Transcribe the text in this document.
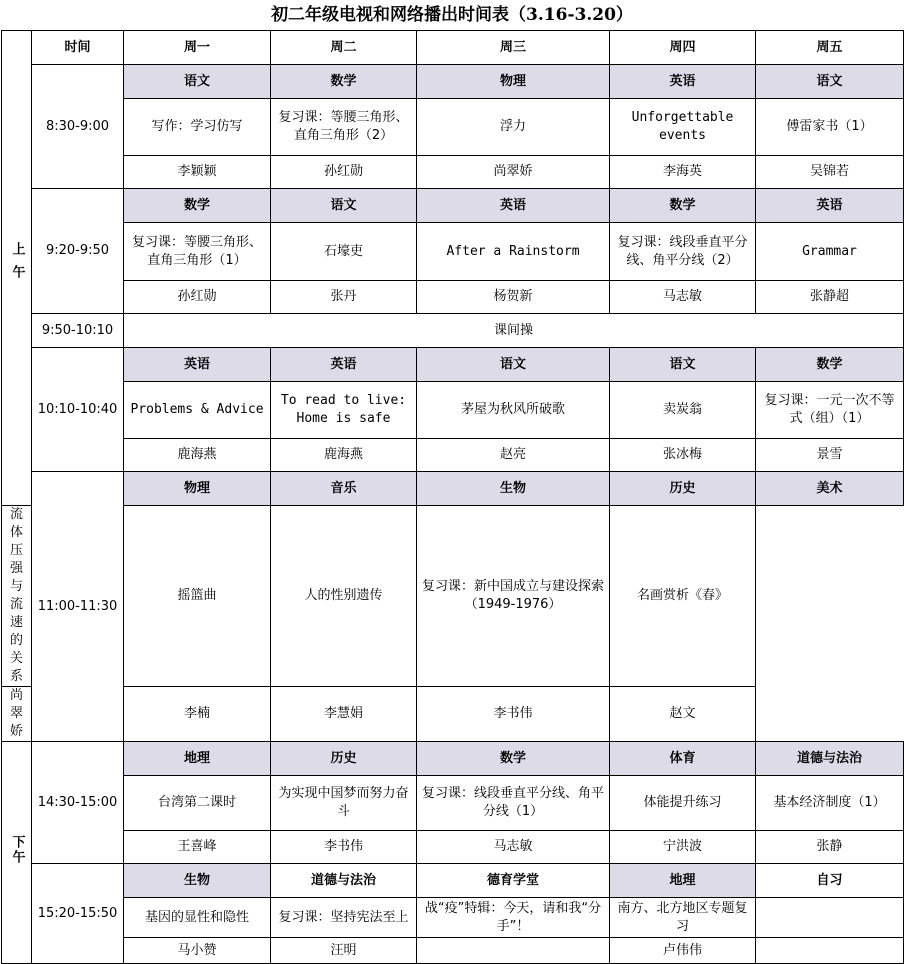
初二年级电视和网络播出时间表（3.16-3.20）
上午	时间	周一	周二	周三	周四	周五
	8:30-9:00	语文	数学	物理	英语	语文
		写作：学习仿写	复习课：等腰三角形、直角三角形（2）	浮力	Unforgettable events	傅雷家书（1）
		李颖颖	孙红勋	尚翠娇	李海英	吴锦若
	9:20-9:50	数学	语文	英语	数学	英语
		复习课：等腰三角形、直角三角形（1）	石壕吏	After a Rainstorm	复习课：线段垂直平分线、角平分线（2）	Grammar
		孙红勋	张丹	杨贺新	马志敏	张静超
	9:50-10:10	课间操				
	10:10-10:40	英语	英语	语文	语文	数学
		Problems & Advice	To read to live: Home is safe	茅屋为秋风所破歌	卖炭翁	复习课：一元一次不等式（组）（1）
		鹿海燕	鹿海燕	赵亮	张冰梅	景雪
	11:00-11:30	物理	音乐	生物	历史	美术
流体压强与流速的关系		摇篮曲	人的性别遗传	复习课：新中国成立与建设探索（1949-1976）	名画赏析《春》	
尚翠娇		李楠	李慧娟	李书伟	赵文	
下午	14:30-15:00	地理	历史	数学	体育	道德与法治
		台湾第二课时	为实现中国梦而努力奋斗	复习课：线段垂直平分线、角平分线（1）	体能提升练习	基本经济制度（1）
		王喜峰	李书伟	马志敏	宁洪波	张静
	15:20-15:50	生物	道德与法治	德育学堂	地理	自习
		基因的显性和隐性	复习课：坚持宪法至上	战“疫”特辑：今天，请和我“分手”！	南方、北方地区专题复习	
		马小赞	汪明		卢伟伟	
